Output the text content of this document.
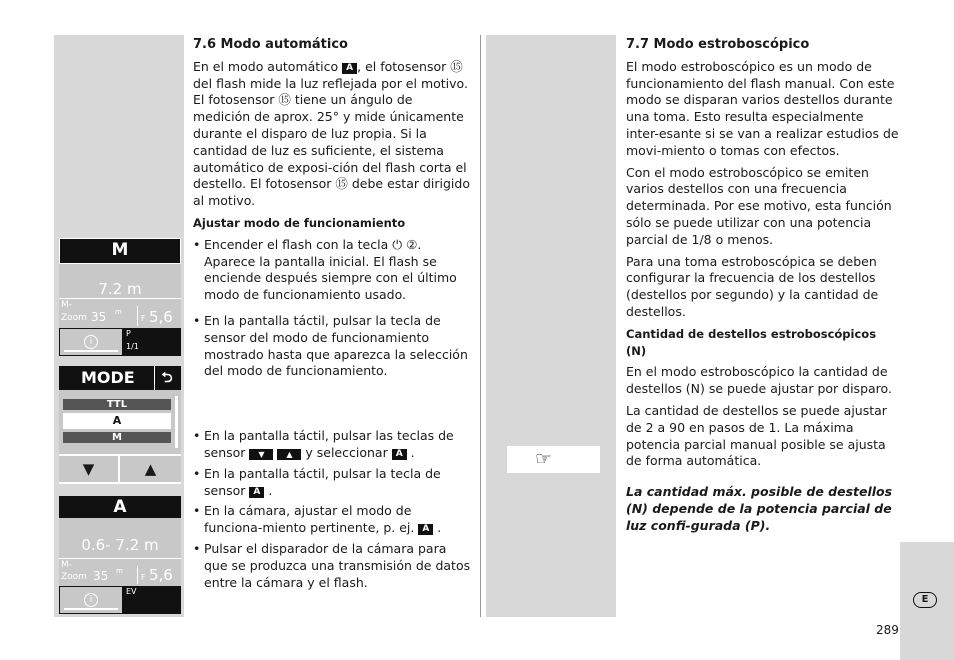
7.6 Modo automático

En el modo automático A , el fotosensor ⑮ del flash mide la luz reflejada por el motivo. El fotosensor ⑮ tiene un ángulo de medición de aprox. 25° y mide únicamente durante el disparo de luz propia. Si la cantidad de luz es suficiente, el sistema automático de exposi-ción del flash corta el destello. El fotosensor ⑮ debe estar dirigido al motivo.

Ajustar modo de funcionamiento

• Encender el flash con la tecla ⏻ ②. Aparece la pantalla inicial. El flash se enciende después siempre con el último modo de funcionamiento usado.
• En la pantalla táctil, pulsar la tecla de sensor del modo de funcionamiento mostrado hasta que aparezca la selección del modo de funcionamiento.
• En la pantalla táctil, pulsar las teclas de sensor ▼	▲ y seleccionar A .
• En la pantalla táctil, pulsar la tecla de sensor A .
• En la cámara, ajustar el modo de funciona-miento pertinente, p. ej. A .
• Pulsar el disparador de la cámara para que se produzca una transmisión de datos entre la cámara y el flash.
M
7.2 m
M-
Zoom 35 m
F 5,6
i
P
1/1
MODE	⮌
TTL
A
M
▼	▲
A
0.6- 7.2 m
M-
Zoom 35 m
F 5,6
i
EV
☞

7.7 Modo estroboscópico

El modo estroboscópico es un modo de funcionamiento del flash manual. Con este modo se disparan varios destellos durante una toma. Esto resulta especialmente inter-esante si se van a realizar estudios de movi-miento o tomas con efectos.

Con el modo estroboscópico se emiten varios destellos con una frecuencia determinada. Por ese motivo, esta función sólo se puede utilizar con una potencia parcial de 1/8 o menos.

Para una toma estroboscópica se deben configurar la frecuencia de los destellos (destellos por segundo) y la cantidad de destellos.

Cantidad de destellos estroboscópicos (N)

En el modo estroboscópico la cantidad de destellos (N) se puede ajustar por disparo.

La cantidad de destellos se puede ajustar de 2 a 90 en pasos de 1. La máxima potencia parcial manual posible se ajusta de forma automática.

La cantidad máx. posible de destellos (N) depende de la potencia parcial de luz confi-gurada (P).

E
289
